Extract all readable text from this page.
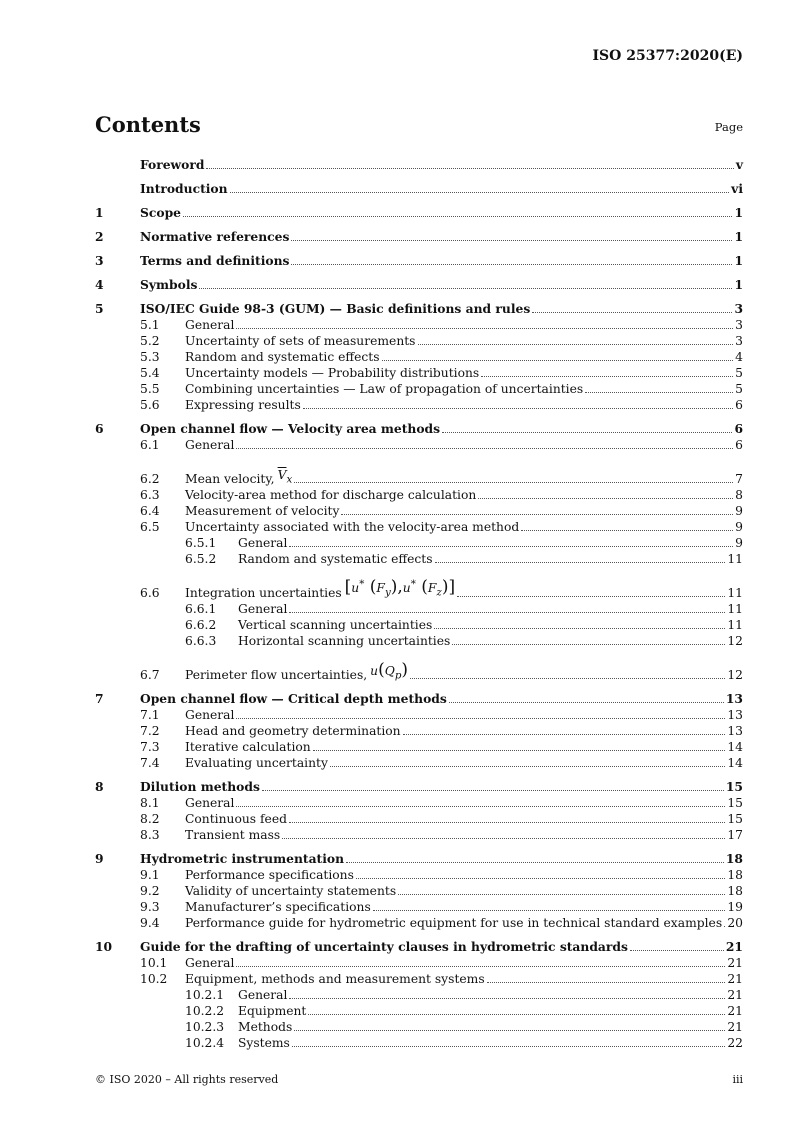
ISO 25377:2020(E)
Contents	Page
Foreword	v
Introduction	vi
1	Scope	1
2	Normative references	1
3	Terms and definitions	1
4	Symbols	1
5	ISO/IEC Guide 98-3 (GUM) — Basic definitions and rules	3
5.1	General	3
5.2	Uncertainty of sets of measurements	3
5.3	Random and systematic effects	4
5.4	Uncertainty models — Probability distributions	5
5.5	Combining uncertainties — Law of propagation of uncertainties	5
5.6	Expressing results	6
6	Open channel flow — Velocity area methods	6
6.1	General	6
6.2	Mean velocity, $\overline{V}_x$	7
6.3	Velocity-area method for discharge calculation	8
6.4	Measurement of velocity	9
6.5	Uncertainty associated with the velocity-area method	9
6.5.1	General	9
6.5.2	Random and systematic effects	11
6.6	Integration uncertainties [u* $(F_y),u^*$ $(F_z)$]	11
6.6.1	General	11
6.6.2	Vertical scanning uncertainties	11
6.6.3	Horizontal scanning uncertainties	12
6.7	Perimeter flow uncertainties, $u(Q_p)$	12
7	Open channel flow — Critical depth methods	13
7.1	General	13
7.2	Head and geometry determination	13
7.3	Iterative calculation	14
7.4	Evaluating uncertainty	14
8	Dilution methods	15
8.1	General	15
8.2	Continuous feed	15
8.3	Transient mass	17
9	Hydrometric instrumentation	18
9.1	Performance specifications	18
9.2	Validity of uncertainty statements	18
9.3	Manufacturer’s specifications	19
9.4	Performance guide for hydrometric equipment for use in technical standard examples 20
10	Guide for the drafting of uncertainty clauses in hydrometric standards	21
10.1	General	21
10.2	Equipment, methods and measurement systems	21
10.2.1	General	21
10.2.2	Equipment	21
10.2.3	Methods	21
10.2.4	Systems	22
© ISO 2020 – All rights reserved	iii
